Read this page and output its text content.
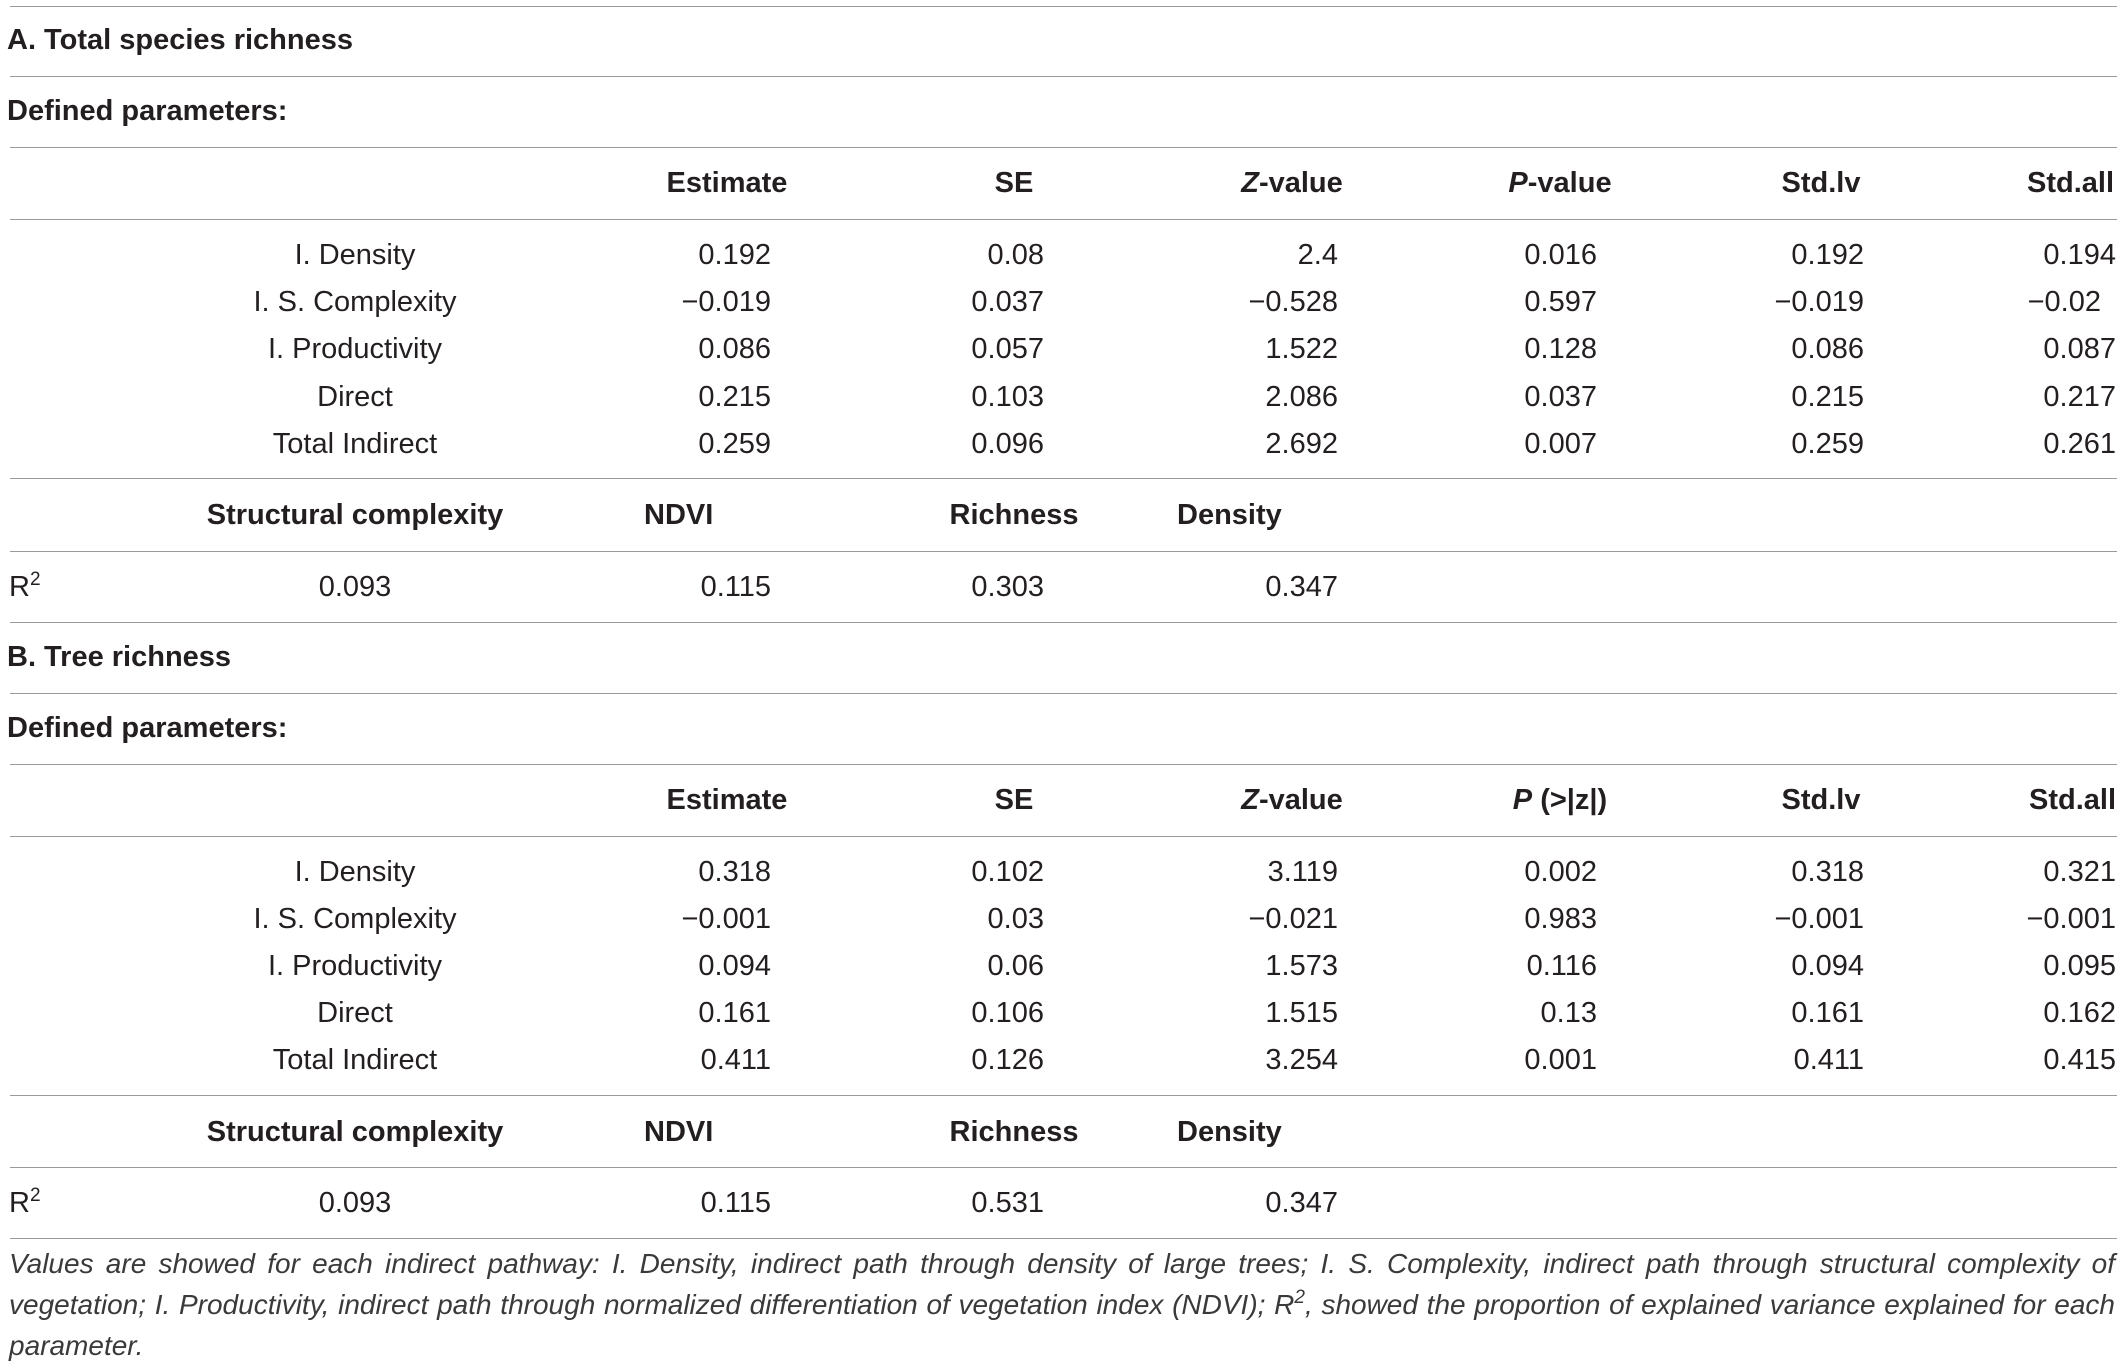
A. Total species richness
Defined parameters:
Estimate	SE	Z-value	P-value	Std.lv	Std.all
I. Density	0.192	0.08	2.4	0.016	0.192	0.194
I. S. Complexity	−0.019	0.037	−0.528	0.597	−0.019	−0.02
I. Productivity	0.086	0.057	1.522	0.128	0.086	0.087
Direct	0.215	0.103	2.086	0.037	0.215	0.217
Total Indirect	0.259	0.096	2.692	0.007	0.259	0.261
Structural complexity	NDVI	Richness	Density
$R^2$	0.093	0.115	0.303	0.347
B. Tree richness
Defined parameters:
Estimate	SE	Z-value	P (>|z|)	Std.lv	Std.all
I. Density	0.318	0.102	3.119	0.002	0.318	0.321
I. S. Complexity	−0.001	0.03	−0.021	0.983	−0.001	−0.001
I. Productivity	0.094	0.06	1.573	0.116	0.094	0.095
Direct	0.161	0.106	1.515	0.13	0.161	0.162
Total Indirect	0.411	0.126	3.254	0.001	0.411	0.415
Structural complexity	NDVI	Richness	Density
$R^2$	0.093	0.115	0.531	0.347
Values are showed for each indirect pathway: I. Density, indirect path through density of large trees; I. S. Complexity, indirect path through structural complexity of vegetation; I. Productivity, indirect path through normalized differentiation of vegetation index (NDVI); $R^2$, showed the proportion of explained variance explained for each parameter.
